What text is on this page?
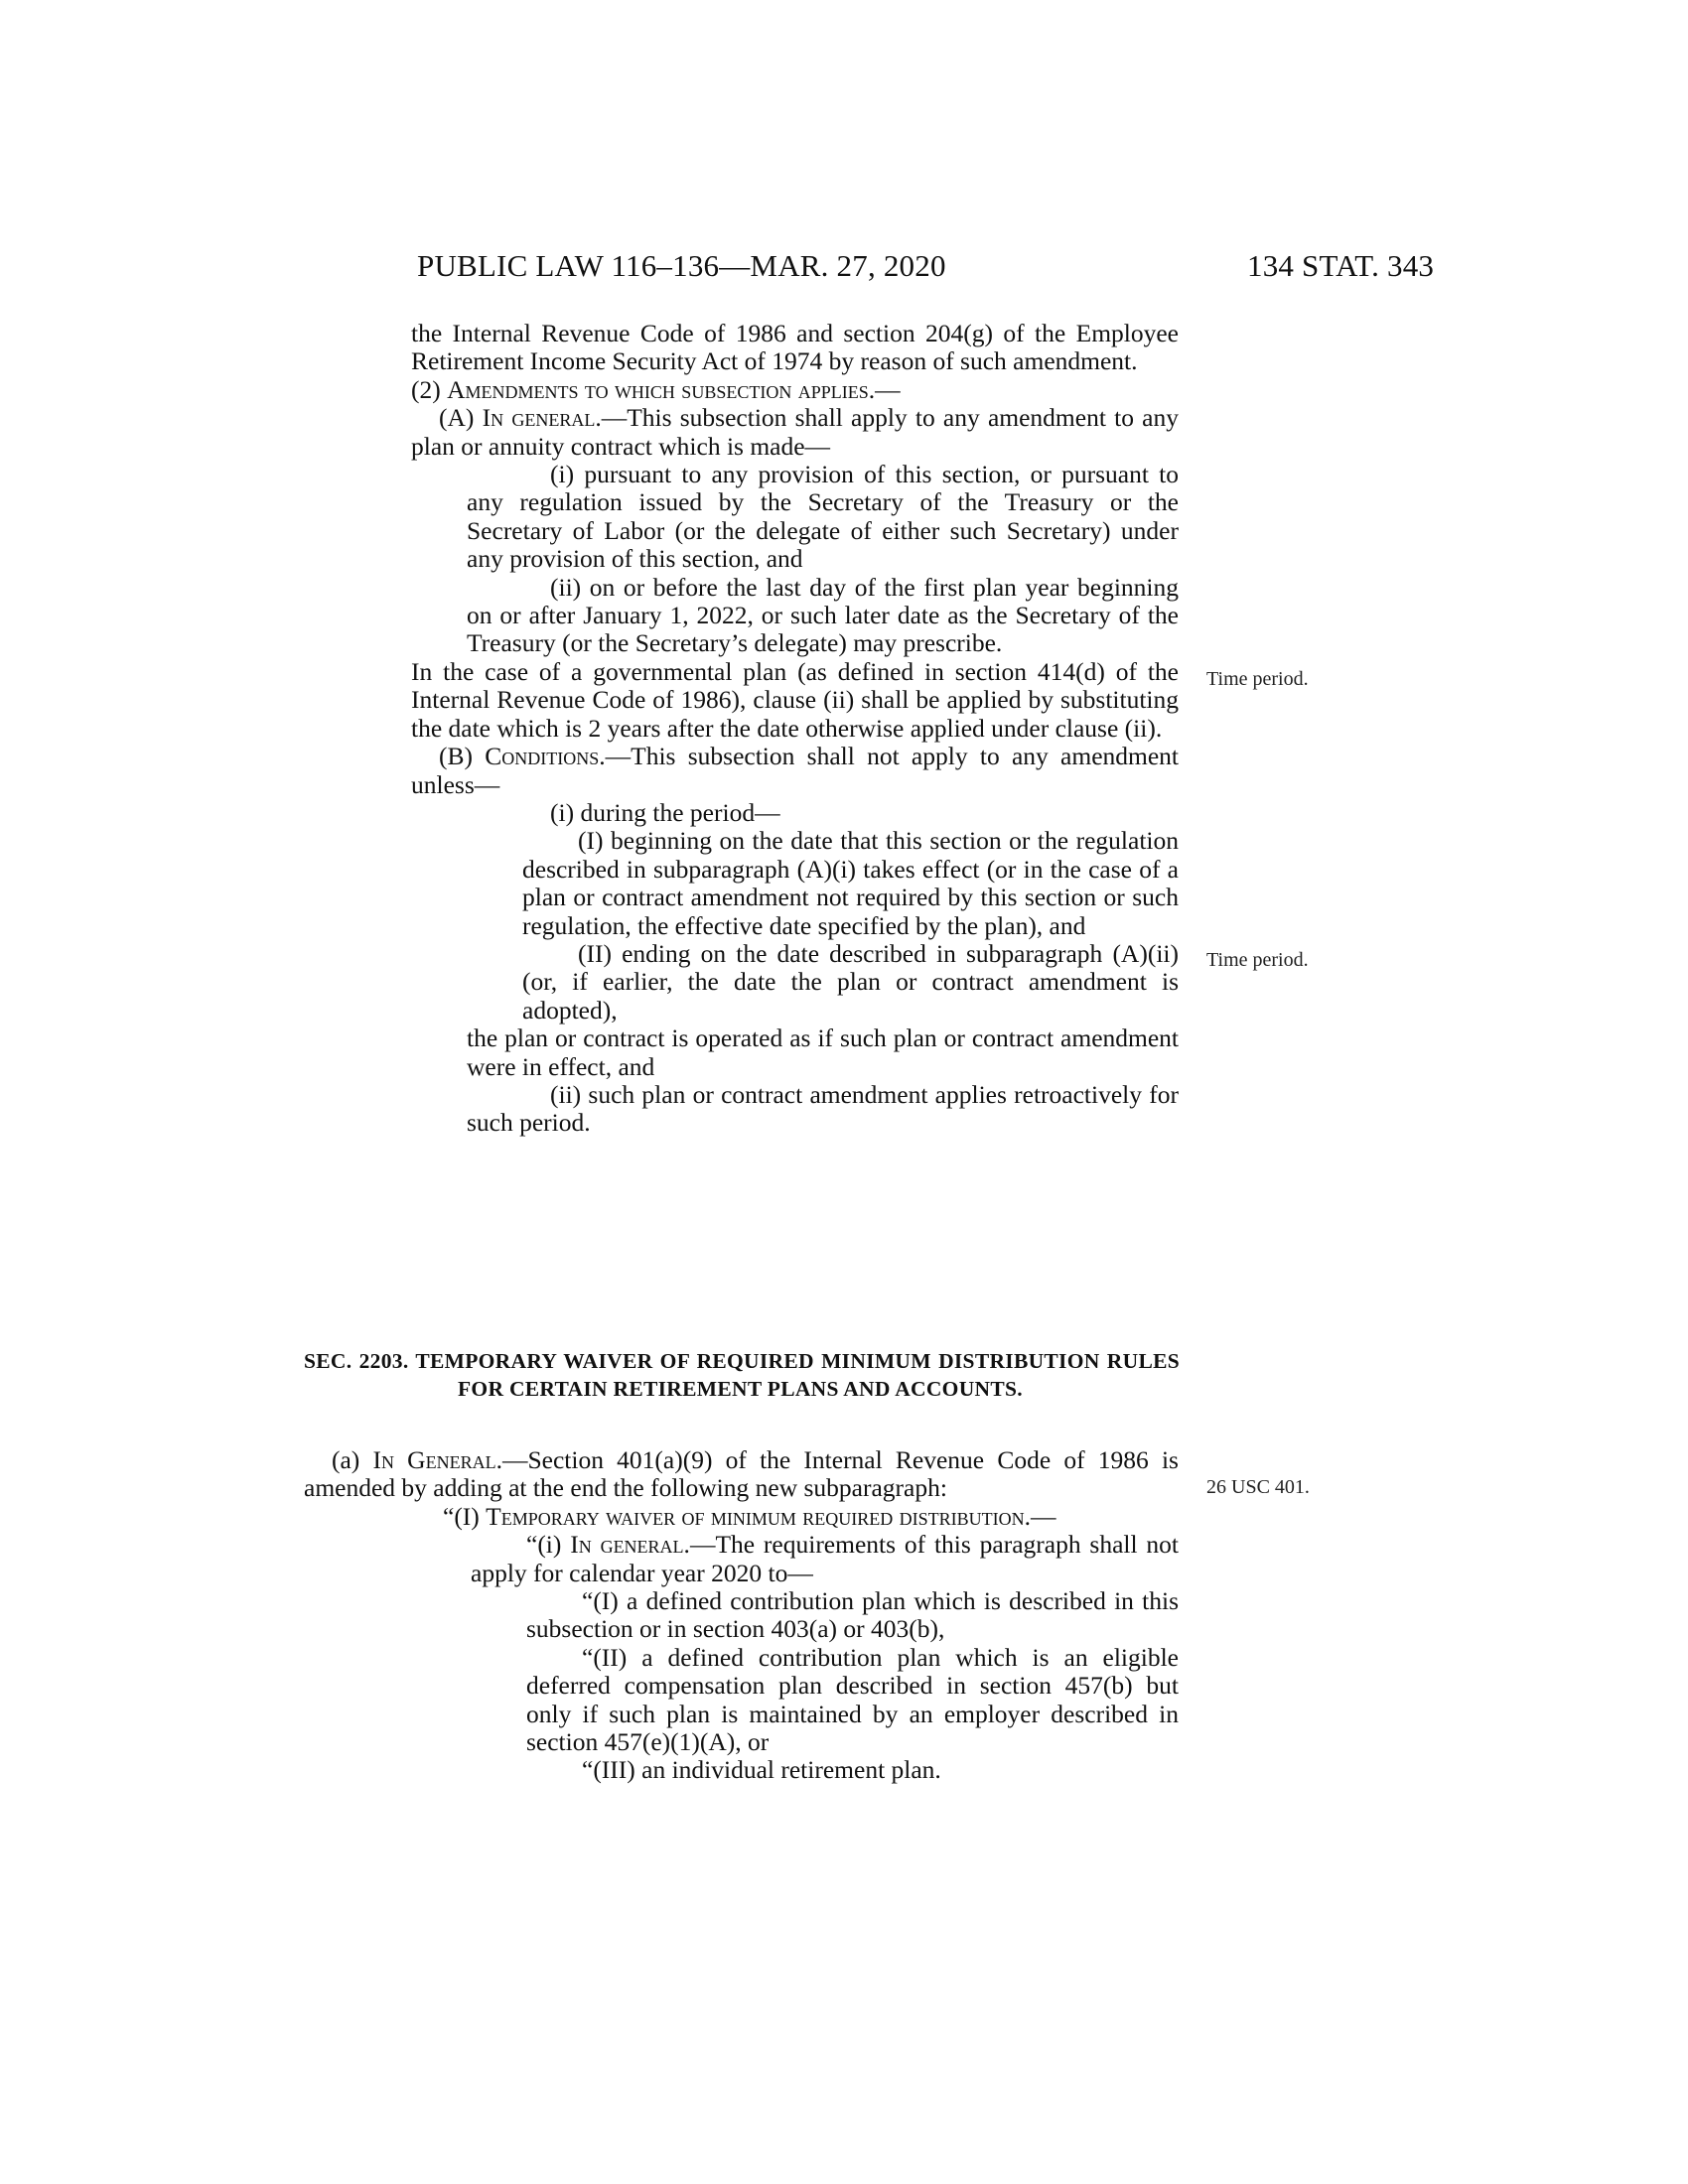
PUBLIC LAW 116–136—MAR. 27, 2020	134 STAT. 343

the Internal Revenue Code of 1986 and section 204(g) of the Employee Retirement Income Security Act of 1974 by reason of such amendment.

(2) Amendments to which subsection applies.—

(A) In general.—This subsection shall apply to any amendment to any plan or annuity contract which is made—

(i) pursuant to any provision of this section, or pursuant to any regulation issued by the Secretary of the Treasury or the Secretary of Labor (or the delegate of either such Secretary) under any provision of this section, and

(ii) on or before the last day of the first plan year beginning on or after January 1, 2022, or such later date as the Secretary of the Treasury (or the Secretary’s delegate) may prescribe.

In the case of a governmental plan (as defined in section 414(d) of the Internal Revenue Code of 1986), clause (ii) shall be applied by substituting the date which is 2 years after the date otherwise applied under clause (ii).

(B) Conditions.—This subsection shall not apply to any amendment unless—

(i) during the period—

(I) beginning on the date that this section or the regulation described in subparagraph (A)(i) takes effect (or in the case of a plan or contract amendment not required by this section or such regulation, the effective date specified by the plan), and

(II) ending on the date described in subparagraph (A)(ii) (or, if earlier, the date the plan or contract amendment is adopted),

the plan or contract is operated as if such plan or contract amendment were in effect, and

(ii) such plan or contract amendment applies retroactively for such period.

Time period.
Time period.
26 USC 401.
SEC. 2203. TEMPORARY WAIVER OF REQUIRED MINIMUM DISTRIBUTION RULES FOR CERTAIN RETIREMENT PLANS AND ACCOUNTS.

(a) In General.—Section 401(a)(9) of the Internal Revenue Code of 1986 is amended by adding at the end the following new subparagraph:

“(I) Temporary waiver of minimum required distribution.—

“(i) In general.—The requirements of this paragraph shall not apply for calendar year 2020 to—

“(I) a defined contribution plan which is described in this subsection or in section 403(a) or 403(b),

“(II) a defined contribution plan which is an eligible deferred compensation plan described in section 457(b) but only if such plan is maintained by an employer described in section 457(e)(1)(A), or

“(III) an individual retirement plan.
